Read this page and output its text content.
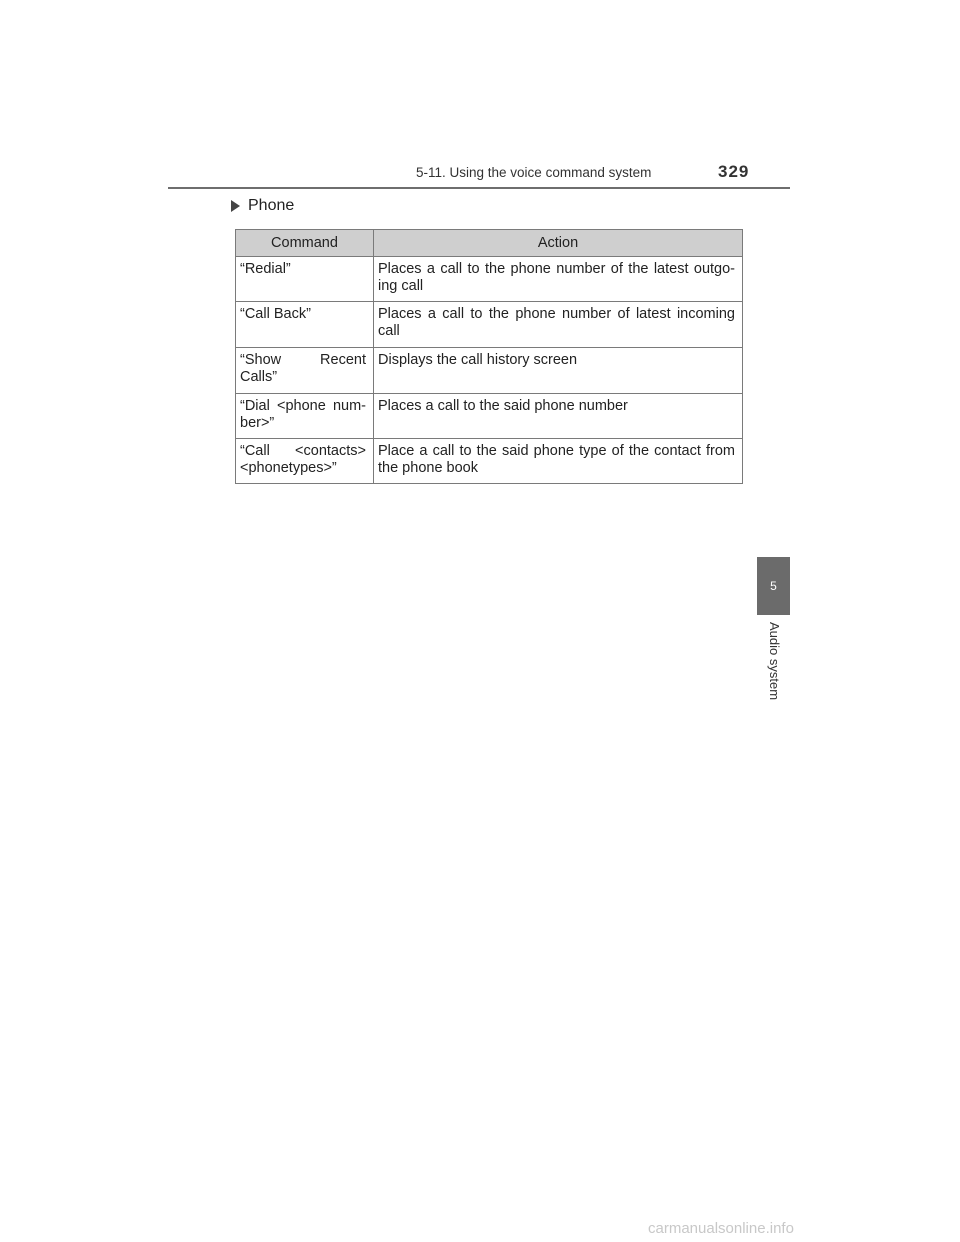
5-11. Using the voice command system	329
Phone
Command	Action
“Redial”	Places a call to the phone number of the latest outgo-ing call
“Call Back”	Places a call to the phone number of latest incoming call
“Show Recent Calls”	Displays the call history screen
“Dial <phone num-ber>”	Places a call to the said phone number
“Call <contacts> <phonetypes>”	Place a call to the said phone type of the contact from the phone book
5
Audio system
carmanualsonline.info
